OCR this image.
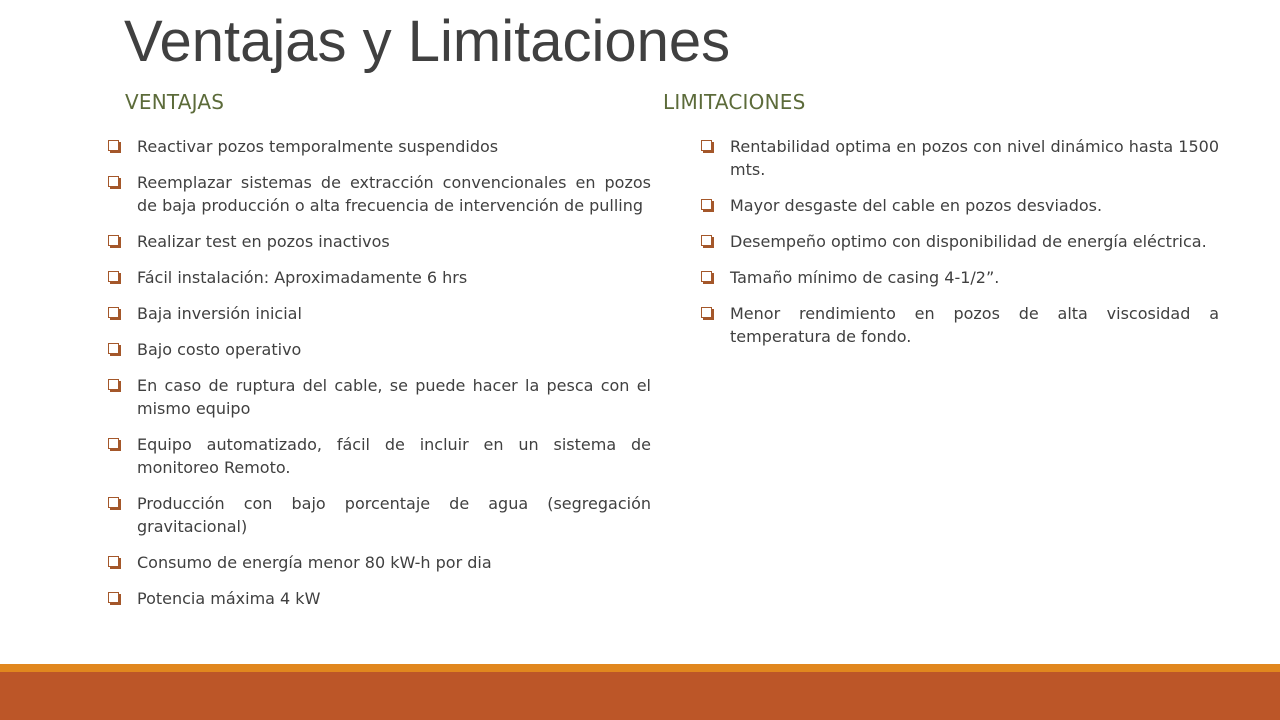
Ventajas y Limitaciones
VENTAJAS	LIMITACIONES
Reactivar pozos temporalmente suspendidos
Reemplazar sistemas de extracción convencionales en pozos de baja producción o alta frecuencia de intervención de pulling
Realizar test en pozos inactivos
Fácil instalación: Aproximadamente 6 hrs
Baja inversión inicial
Bajo costo operativo
En caso de ruptura del cable, se puede hacer la pesca con el mismo equipo
Equipo automatizado, fácil de incluir en un sistema de monitoreo Remoto.
Producción con bajo porcentaje de agua (segregación gravitacional)
Consumo de energía menor 80 kW-h por dia
Potencia máxima 4 kW
Rentabilidad optima en pozos con nivel dinámico hasta 1500 mts.
Mayor desgaste del cable en pozos desviados.
Desempeño optimo con disponibilidad de energía eléctrica.
Tamaño mínimo de casing 4-1/2”.
Menor rendimiento en pozos de alta viscosidad a temperatura de fondo.
